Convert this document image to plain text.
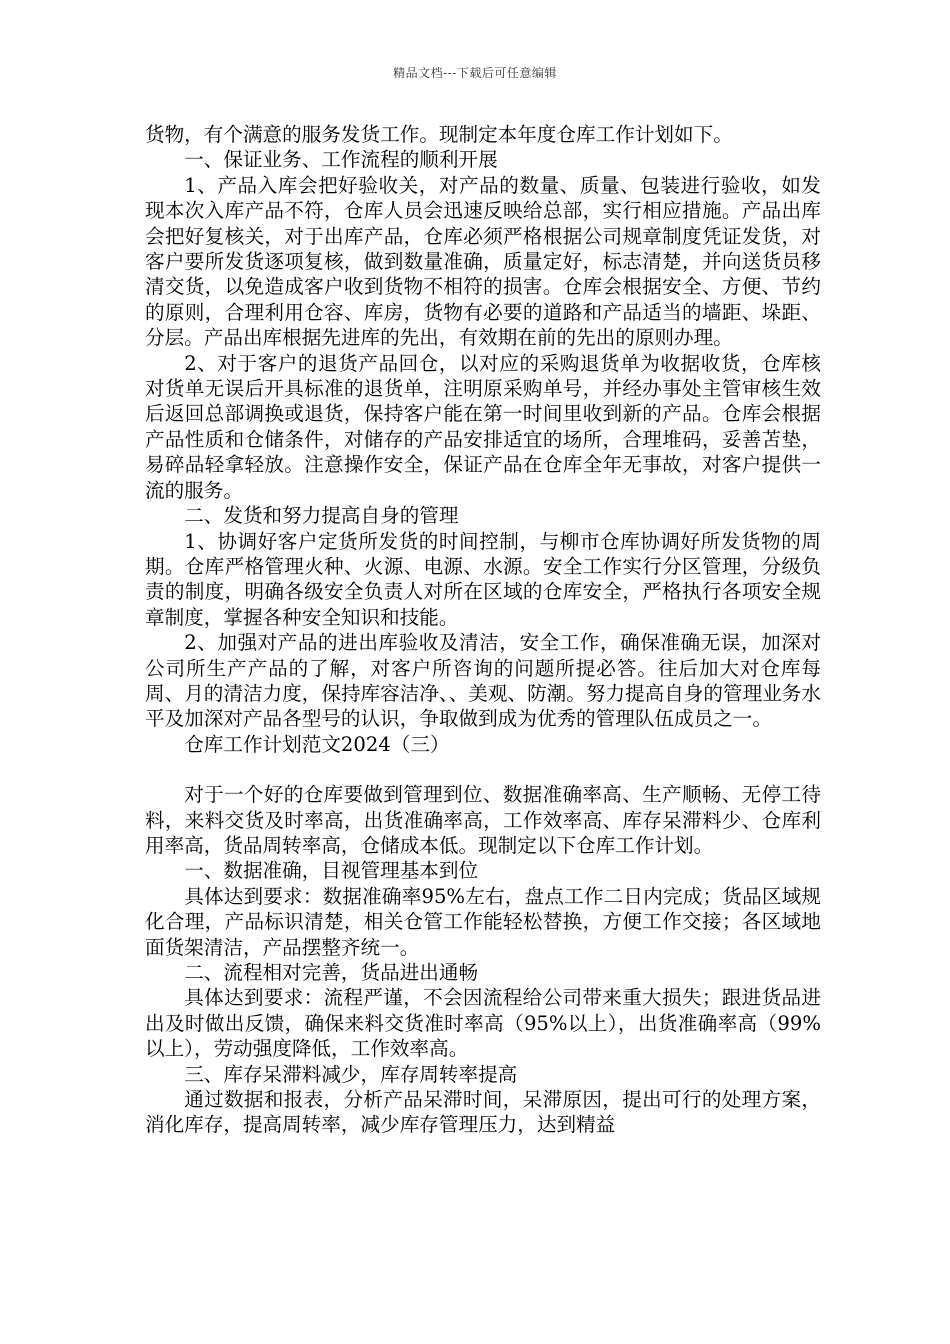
精品文档---下载后可任意编辑

货物，有个满意的服务发货工作。现制定本年度仓库工作计划如下。

一、保证业务、工作流程的顺利开展

1、产品入库会把好验收关，对产品的数量、质量、包装进行验收，如发现本次入库产品不符，仓库人员会迅速反映给总部，实行相应措施。产品出库会把好复核关，对于出库产品，仓库必须严格根据公司规章制度凭证发货，对客户要所发货逐项复核，做到数量准确，质量定好，标志清楚，并向送货员移清交货，以免造成客户收到货物不相符的损害。仓库会根据安全、方便、节约的原则，合理利用仓容、库房，货物有必要的道路和产品适当的墙距、垛距、分层。产品出库根据先进库的先出，有效期在前的先出的原则办理。

2、对于客户的退货产品回仓，以对应的采购退货单为收据收货，仓库核对货单无误后开具标准的退货单，注明原采购单号，并经办事处主管审核生效后返回总部调换或退货，保持客户能在第一时间里收到新的产品。仓库会根据产品性质和仓储条件，对储存的产品安排适宜的场所，合理堆码，妥善苫垫，易碎品轻拿轻放。注意操作安全，保证产品在仓库全年无事故，对客户提供一流的服务。

二、发货和努力提高自身的管理

1、协调好客户定货所发货的时间控制，与柳市仓库协调好所发货物的周期。仓库严格管理火种、火源、电源、水源。安全工作实行分区管理，分级负责的制度，明确各级安全负责人对所在区域的仓库安全，严格执行各项安全规章制度，掌握各种安全知识和技能。

2、加强对产品的进出库验收及清洁，安全工作，确保准确无误，加深对公司所生产产品的了解，对客户所咨询的问题所提必答。往后加大对仓库每周、月的清洁力度，保持库容洁净、、美观、防潮。努力提高自身的管理业务水平及加深对产品各型号的认识，争取做到成为优秀的管理队伍成员之一。

仓库工作计划范文2024（三）

对于一个好的仓库要做到管理到位、数据准确率高、生产顺畅、无停工待料，来料交货及时率高，出货准确率高，工作效率高、库存呆滞料少、仓库利用率高，货品周转率高，仓储成本低。现制定以下仓库工作计划。

一、数据准确，目视管理基本到位

具体达到要求：数据准确率95%左右，盘点工作二日内完成；货品区域规化合理，产品标识清楚，相关仓管工作能轻松替换，方便工作交接；各区域地面货架清洁，产品摆整齐统一。

二、流程相对完善，货品进出通畅

具体达到要求：流程严谨，不会因流程给公司带来重大损失；跟进货品进出及时做出反馈，确保来料交货准时率高（95%以上），出货准确率高（99%以上），劳动强度降低，工作效率高。

三、库存呆滞料减少，库存周转率提高

通过数据和报表，分析产品呆滞时间，呆滞原因，提出可行的处理方案，消化库存，提高周转率，减少库存管理压力，达到精益
